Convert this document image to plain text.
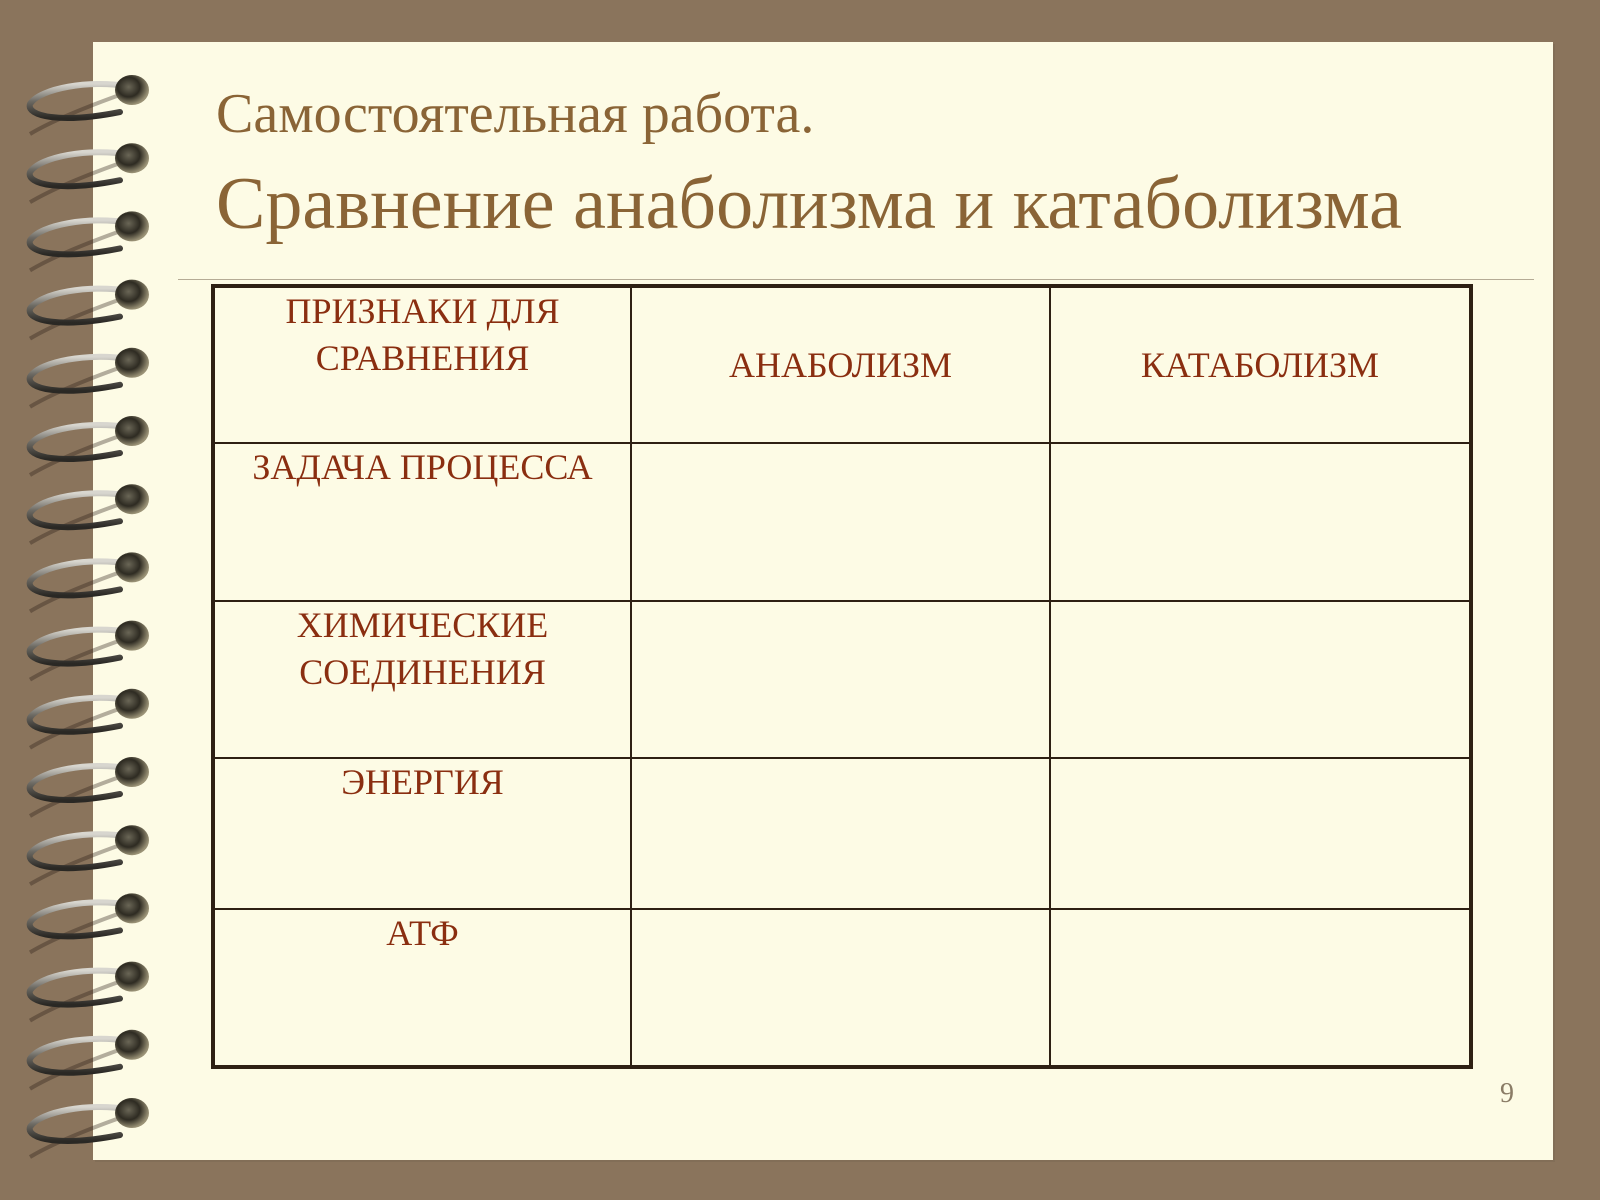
Самостоятельная работа.
Сравнение анаболизма и катаболизма
ПРИЗНАКИ ДЛЯ СРАВНЕНИЯ	АНАБОЛИЗМ	КАТАБОЛИЗМ
ЗАДАЧА ПРОЦЕССА		
ХИМИЧЕСКИЕ СОЕДИНЕНИЯ		
ЭНЕРГИЯ		
АТФ		
9
